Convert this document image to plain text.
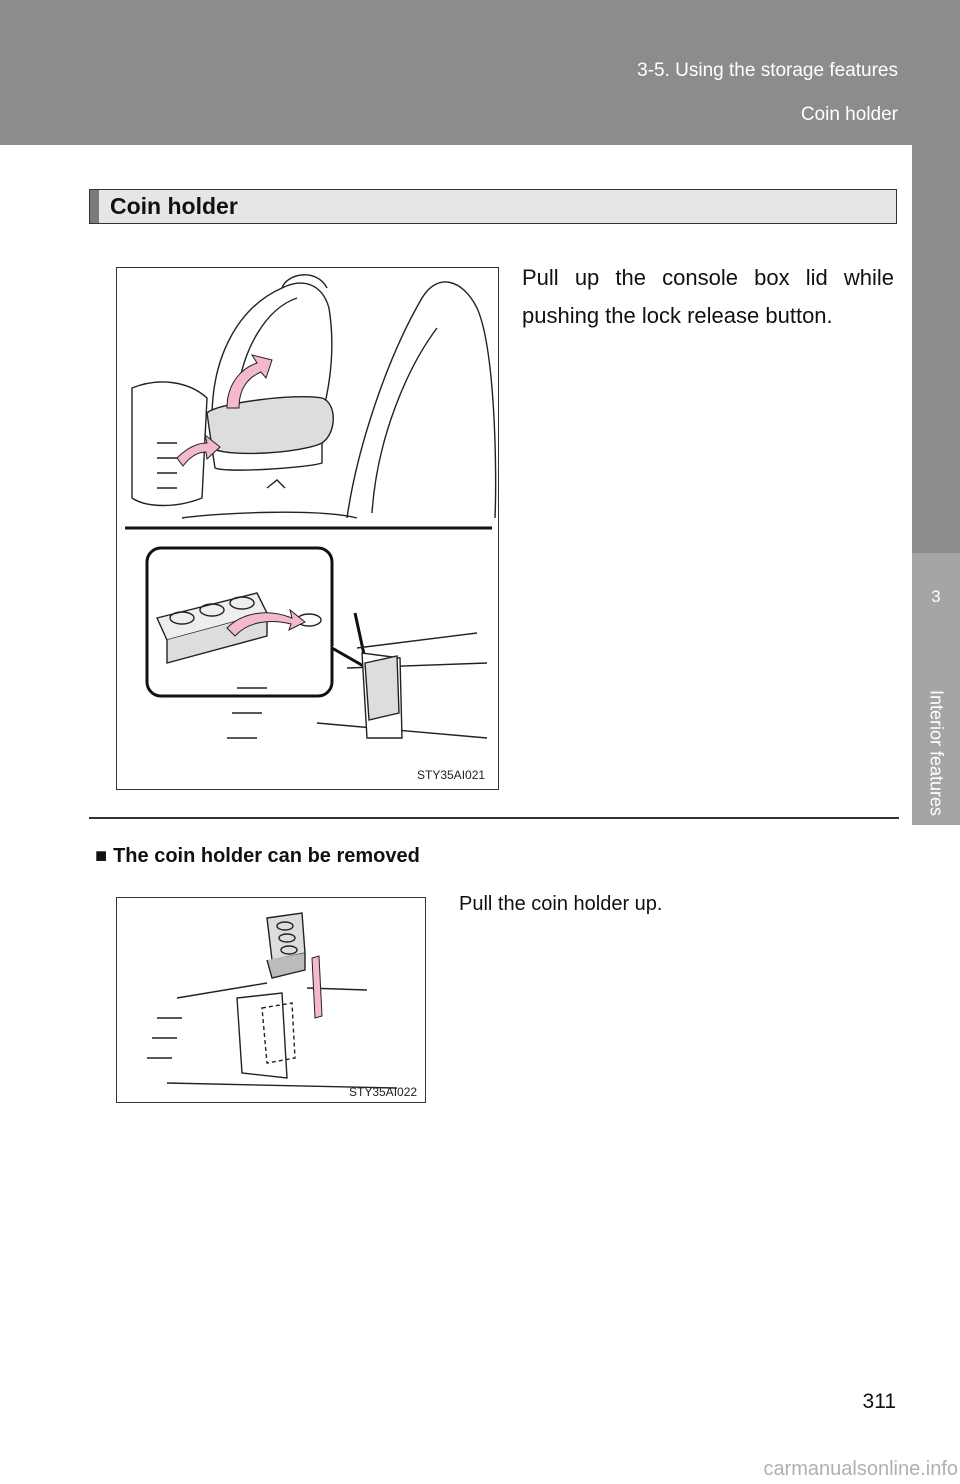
3-5. Using the storage features
Coin holder
3
Interior features
Coin holder
STY35AI021
Pull up the console box lid while pushing the lock release button.
■ The coin holder can be removed
STY35AI022
Pull the coin holder up.
311
carmanualsonline.info
